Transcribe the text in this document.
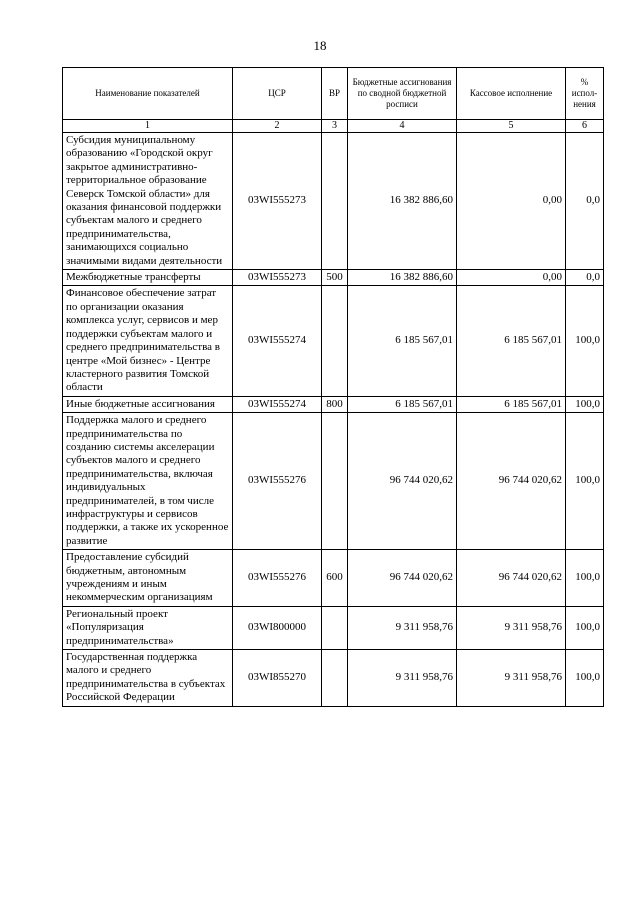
18
Наименование показателей	ЦСР	ВР	Бюджетные ассигнования по сводной бюджетной росписи	Кассовое исполнение	% испол-нения
1	2	3	4	5	6
Субсидия муниципальному образованию «Городской округ закрытое административно-территориальное образование Северск Томской области» для оказания финансовой поддержки субъектам малого и среднего предпринимательства, занимающихся социально значимыми видами деятельности	03WI555273		16 382 886,60	0,00	0,0
Межбюджетные трансферты	03WI555273	500	16 382 886,60	0,00	0,0
Финансовое обеспечение затрат по организации оказания комплекса услуг, сервисов и мер поддержки субъектам малого и среднего предпринимательства в центре «Мой бизнес» - Центре кластерного развития Томской области	03WI555274		6 185 567,01	6 185 567,01	100,0
Иные бюджетные ассигнования	03WI555274	800	6 185 567,01	6 185 567,01	100,0
Поддержка малого и среднего предпринимательства по созданию системы акселерации субъектов малого и среднего предпринимательства, включая индивидуальных предпринимателей, в том числе инфраструктуры и сервисов поддержки, а также их ускоренное развитие	03WI555276		96 744 020,62	96 744 020,62	100,0
Предоставление субсидий бюджетным, автономным учреждениям и иным некоммерческим организациям	03WI555276	600	96 744 020,62	96 744 020,62	100,0
Региональный проект «Популяризация предпринимательства»	03WI800000		9 311 958,76	9 311 958,76	100,0
Государственная поддержка малого и среднего предпринимательства в субъектах Российской Федерации	03WI855270		9 311 958,76	9 311 958,76	100,0
